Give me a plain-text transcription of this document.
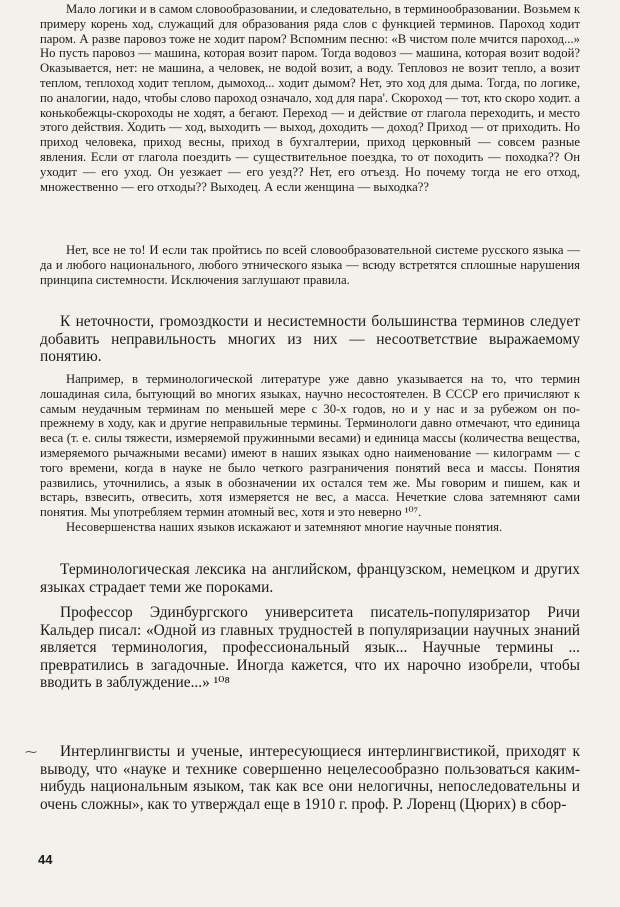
Мало логики и в самом словообразовании, и следовательно, в терминообразовании. Возьмем к примеру корень ход, служащий для образования ряда слов с функцией терминов. Пароход ходит паром. А разве паровоз тоже не ходит паром? Вспомним песню: «В чистом поле мчится пароход...» Но пусть паровоз — машина, которая возит паром. Тогда водовоз — машина, которая возит водой? Оказывается, нет: не машина, а человек, не водой возит, а воду. Тепловоз не возит тепло, а возит теплом, теплоход ходит теплом, дымоход... ходит дымом? Нет, это ход для дыма. Тогда, по логике, по аналогии, надо, чтобы слово пароход означало, ход для пара'. Скороход — тот, кто скоро ходит. а конькобежцы-скороходы не ходят, а бегают. Переход — и действие от глагола переходить, и место этого действия. Ходить — ход, выходить — выход, доходить — доход? Приход — от приходить. Но приход человека, приход весны, приход в бухгалтерии, приход церковный — совсем разные явления. Если от глагола поездить — существительное поездка, то от походить — походка?? Он уходит — его уход. Он уезжает — его уезд?? Нет, его отъезд. Но почему тогда не его отход, множественно — его отходы?? Выходец. А если женщина — выходка??

Нет, все не то! И если так пройтись по всей словообразовательной системе русского языка — да и любого национального, любого этнического языка — всюду встретятся сплошные нарушения принципа системности. Исключения заглушают правила.

К неточности, громоздкости и несистемности большинства терминов следует добавить неправильность многих из них — несоответствие выражаемому понятию.

Например, в терминологической литературе уже давно указывается на то, что термин лошадиная сила, бытующий во многих языках, научно несостоятелен. В СССР его причисляют к самым неудачным терминам по меньшей мере с 30-х годов, но и у нас и за рубежом он по-прежнему в ходу, как и другие неправильные термины. Терминологи давно отмечают, что единица веса (т. е. силы тяжести, измеряемой пружинными весами) и единица массы (количества вещества, измеряемого рычажными весами) имеют в наших языках одно наименование — килограмм — с того времени, когда в науке не было четкого разграничения понятий веса и массы. Понятия развились, уточнились, а язык в обозначении их остался тем же. Мы говорим и пишем, как и встарь, взвесить, отвесить, хотя измеряется не вес, а масса. Нечеткие слова затемняют сами понятия. Мы употребляем термин атомный вес, хотя и это неверно ¹⁰⁷.

Несовершенства наших языков искажают и затемняют многие научные понятия.

Терминологическая лексика на английском, французском, немецком и других языках страдает теми же пороками.

Профессор Эдинбургского университета писатель-популяризатор Ричи Кальдер писал: «Одной из главных трудностей в популяризации научных знаний является терминология, профессиональный язык... Научные термины ... превратились в загадочные. Иногда кажется, что их нарочно изобрели, чтобы вводить в заблуждение...» ¹⁰⁸

⁓	Интерлингвисты и ученые, интересующиеся интерлингвистикой, приходят к выводу, что «науке и технике совершенно нецелесообразно пользоваться каким-нибудь национальным языком, так как все они нелогичны, непоследовательны и очень сложны», как то утверждал еще в 1910 г. проф. Р. Лоренц (Цюрих) в сбор-

44
